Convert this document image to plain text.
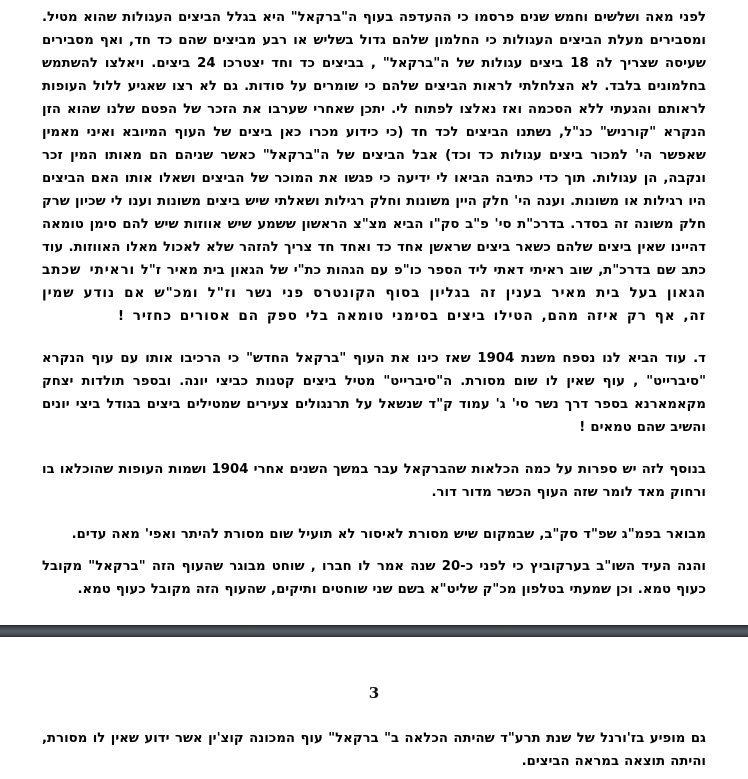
לפני מאה ושלשים וחמש שנים פרסמו כי ההעדפה בעוף ה"ברקאל" היא בגלל הביצים העגולות שהוא מטיל. ומסבירים מעלת הביצים העגולות כי החלמון שלהם גדול בשליש או רבע מביצים שהם כד חד, ואף מסבירים שעיסה שצריך לה 18 ביצים עגולות של ה"ברקאל" , בביצים כד וחד יצטרכו 24 ביצים. ויאלצו להשתמש בחלמונים בלבד. לא הצלחלתי לראות הביצים שלהם כי שומרים על סודות. גם לא רצו שאגיע ללול העופות לראותם והגעתי ללא הסכמה ואז נאלצו לפתוח לי. יתכן שאחרי שערבו את הזכר של הפטם שלנו שהוא הזן הנקרא "קורניש" כנ"ל, נשתנו הביצים לכד חד (כי כידוע מכרו כאן ביצים של העוף המיובא ואיני מאמין שאפשר הי' למכור ביצים עגולות כד וכד) אבל הביצים של ה"ברקאל" כאשר שניהם הם מאותו המין זכר ונקבה, הן עגולות. תוך כדי כתיבה הביאו לי ידיעה כי פגשו את המוכר של הביצים ושאלו אותו האם הביצים היו רגילות או משונות. וענה הי' חלק היין משונות וחלק רגילות ושאלתי שיש ביצים משונות וענו לי שכיון שרק חלק משונה זה בסדר. בדרכ"ת סי' פ"ב סק"ו הביא מצ"צ הראשון ששמע שיש אווזות שיש להם סימן טומאה דהיינו שאין ביצים שלהם כשאר ביצים שראשן אחד כד ואחד חד צריך להזהר שלא לאכול מאלו האווזות. עוד כתב שם בדרכ"ת, שוב ראיתי דאתי ליד הספר כו"פ עם הגהות כת"י של הגאון בית מאיר ז"ל וראיתי שכתב הגאון בעל בית מאיר בענין זה בגליון בסוף הקונטרס פני נשר וז"ל ומכ"ש אם נודע שמין זה, אף רק איזה מהם, הטילו ביצים בסימני טומאה בלי ספק הם אסורים כחזיר !

ד. עוד הביא לנו נספח משנת 1904 שאז כינו את העוף "ברקאל החדש" כי הרכיבו אותו עם עוף הנקרא "סיברייט" , עוף שאין לו שום מסורת. ה"סיברייט" מטיל ביצים קטנות כביצי יונה. ובספר תולדות יצחק מקאמארנא בספר דרך נשר סי' ג' עמוד ק"ד שנשאל על תרנגולים צעירים שמטילים ביצים בגודל ביצי יונים והשיב שהם טמאים !

בנוסף לזה יש ספרות על כמה הכלאות שהברקאל עבר במשך השנים אחרי 1904 ושמות העופות שהוכלאו בו ורחוק מאד לומר שזה העוף הכשר מדור דור.

מבואר בפמ"ג שפ"ד סק"ב, שבמקום שיש מסורת לאיסור לא תועיל שום מסורת להיתר ואפי' מאה עדים.

והנה העיד השו"ב בערקוביץ כי לפני כ-20 שנה אמר לו חברו , שוחט מבוגר שהעוף הזה "ברקאל" מקובל כעוף טמא. וכן שמעתי בטלפון מכ"ק שליט"א בשם שני שוחטים ותיקים, שהעוף הזה מקובל כעוף טמא.

3

גם מופיע בז'ורנל של שנת תרע"ד שהיתה הכלאה ב" ברקאל" עוף המכונה קוצ'ין אשר ידוע שאין לו מסורת, והיתה תוצאה במראה הביצים.
